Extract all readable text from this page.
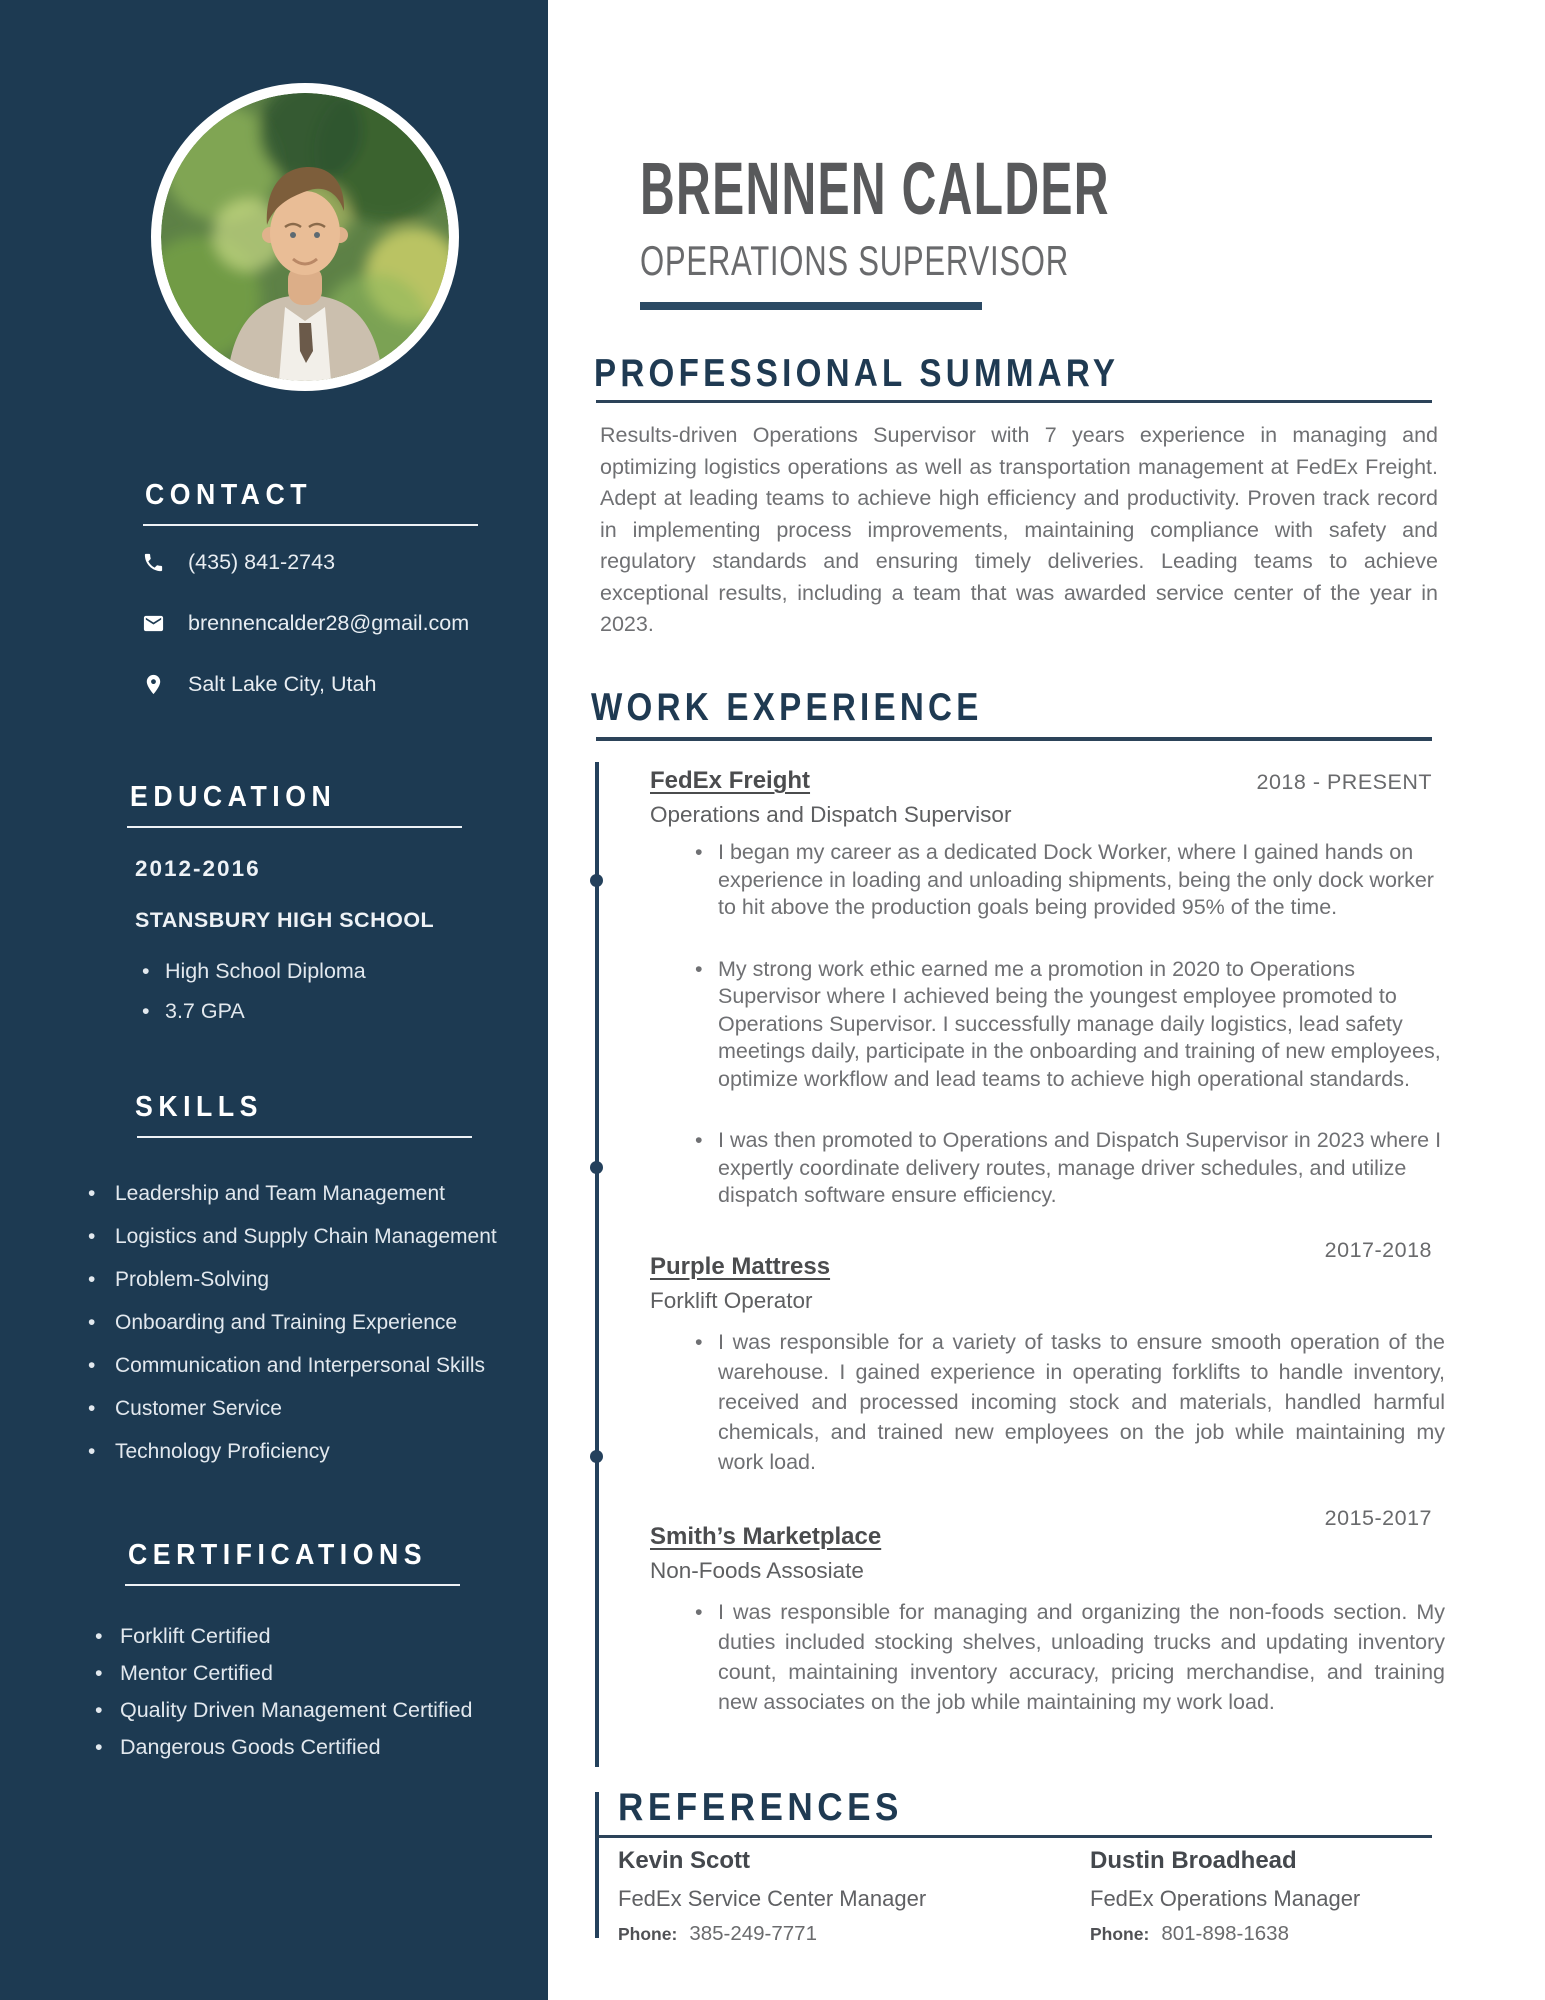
CONTACT
(435) 841-2743
brennencalder28@gmail.com
Salt Lake City, Utah
EDUCATION
2012-2016
STANSBURY HIGH SCHOOL
• High School Diploma
• 3.7 GPA
SKILLS
• Leadership and Team Management
• Logistics and Supply Chain Management
• Problem-Solving
• Onboarding and Training Experience
• Communication and Interpersonal Skills
• Customer Service
• Technology Proficiency
CERTIFICATIONS
• Forklift Certified
• Mentor Certified
• Quality Driven Management Certified
• Dangerous Goods Certified
BRENNEN CALDER
OPERATIONS SUPERVISOR
PROFESSIONAL SUMMARY

Results-driven Operations Supervisor with 7 years experience in managing and optimizing logistics operations as well as transportation management at FedEx Freight. Adept at leading teams to achieve high efficiency and productivity. Proven track record in implementing process improvements, maintaining compliance with safety and regulatory standards and ensuring timely deliveries. Leading teams to achieve exceptional results, including a team that was awarded service center of the year in 2023.

WORK EXPERIENCE
2018 - PRESENT
FedEx Freight
Operations and Dispatch Supervisor
• I began my career as a dedicated Dock Worker, where I gained hands on experience in loading and unloading shipments, being the only dock worker to hit above the production goals being provided 95% of the time.
• My strong work ethic earned me a promotion in 2020 to Operations Supervisor where I achieved being the youngest employee promoted to Operations Supervisor. I successfully manage daily logistics, lead safety meetings daily, participate in the onboarding and training of new employees, optimize workflow and lead teams to achieve high operational standards.
• I was then promoted to Operations and Dispatch Supervisor in 2023 where I expertly coordinate delivery routes, manage driver schedules, and utilize dispatch software ensure efficiency.
2017-2018
Purple Mattress
Forklift Operator
• I was responsible for a variety of tasks to ensure smooth operation of the warehouse. I gained experience in operating forklifts to handle inventory, received and processed incoming stock and materials, handled harmful chemicals, and trained new employees on the job while maintaining my work load.
2015-2017
Smith’s Marketplace
Non-Foods Assosiate
• I was responsible for managing and organizing the non-foods section. My duties included stocking shelves, unloading trucks and updating inventory count, maintaining inventory accuracy, pricing merchandise, and training new associates on the job while maintaining my work load.
REFERENCES
Kevin Scott
FedEx Service Center Manager
Phone: 385-249-7771
Dustin Broadhead
FedEx Operations Manager
Phone: 801-898-1638
